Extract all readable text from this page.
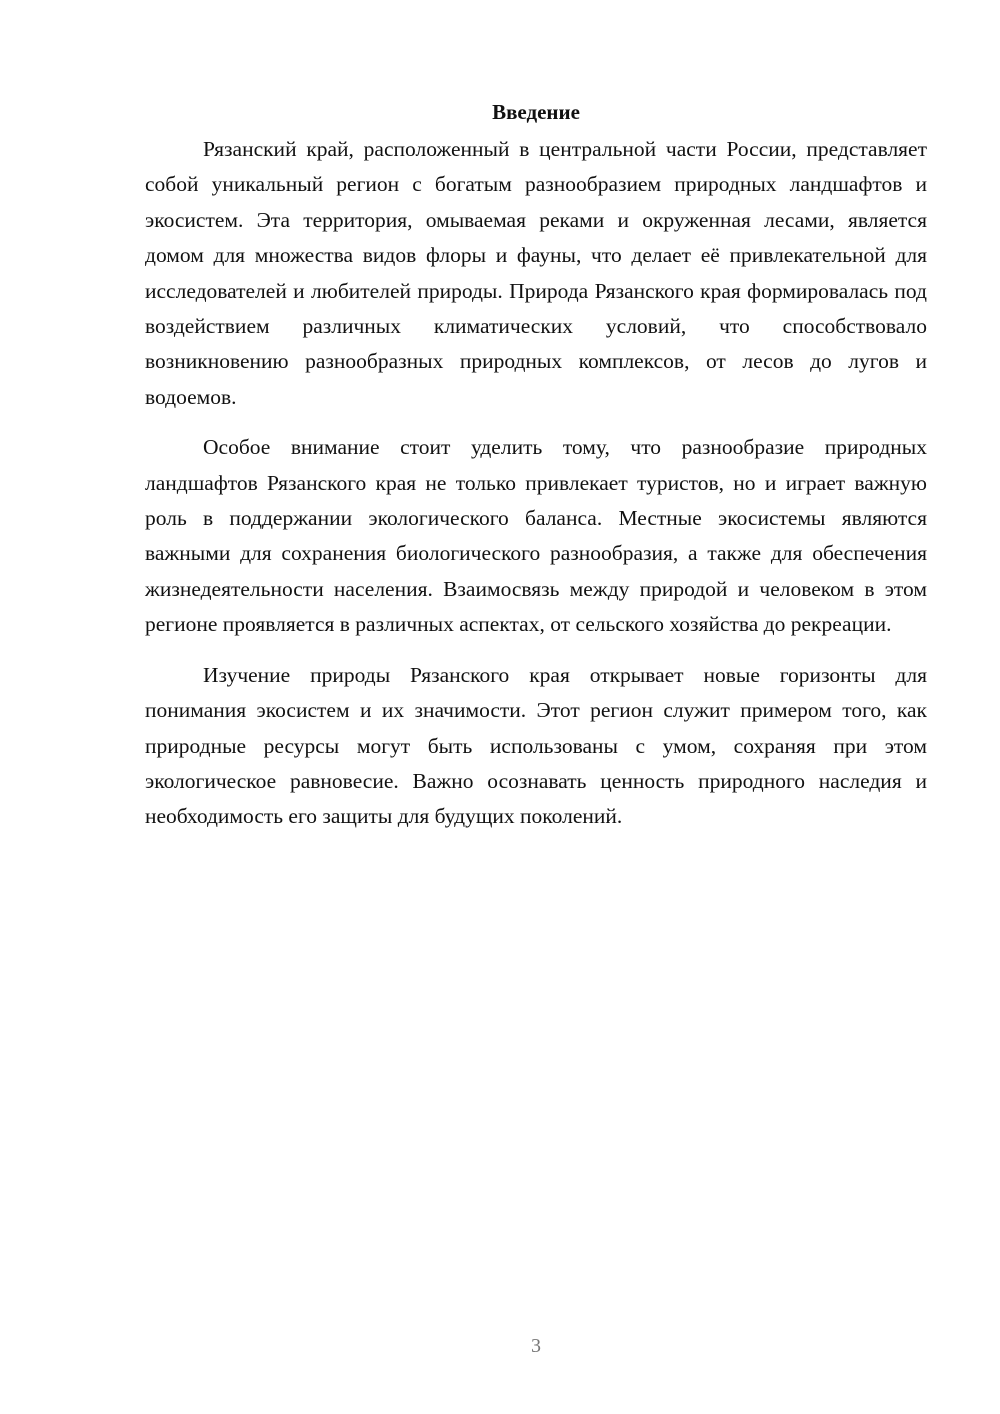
Введение

Рязанский край, расположенный в центральной части России, представляет собой уникальный регион с богатым разнообразием природных ландшафтов и экосистем. Эта территория, омываемая реками и окруженная лесами, является домом для множества видов флоры и фауны, что делает её привлекательной для исследователей и любителей природы. Природа Рязанского края формировалась под воздействием различных климатических условий, что способствовало возникновению разнообразных природных комплексов, от лесов до лугов и водоемов.

Особое внимание стоит уделить тому, что разнообразие природных ландшафтов Рязанского края не только привлекает туристов, но и играет важную роль в поддержании экологического баланса. Местные экосистемы являются важными для сохранения биологического разнообразия, а также для обеспечения жизнедеятельности населения. Взаимосвязь между природой и человеком в этом регионе проявляется в различных аспектах, от сельского хозяйства до рекреации.

Изучение природы Рязанского края открывает новые горизонты для понимания экосистем и их значимости. Этот регион служит примером того, как природные ресурсы могут быть использованы с умом, сохраняя при этом экологическое равновесие. Важно осознавать ценность природного наследия и необходимость его защиты для будущих поколений.

3
